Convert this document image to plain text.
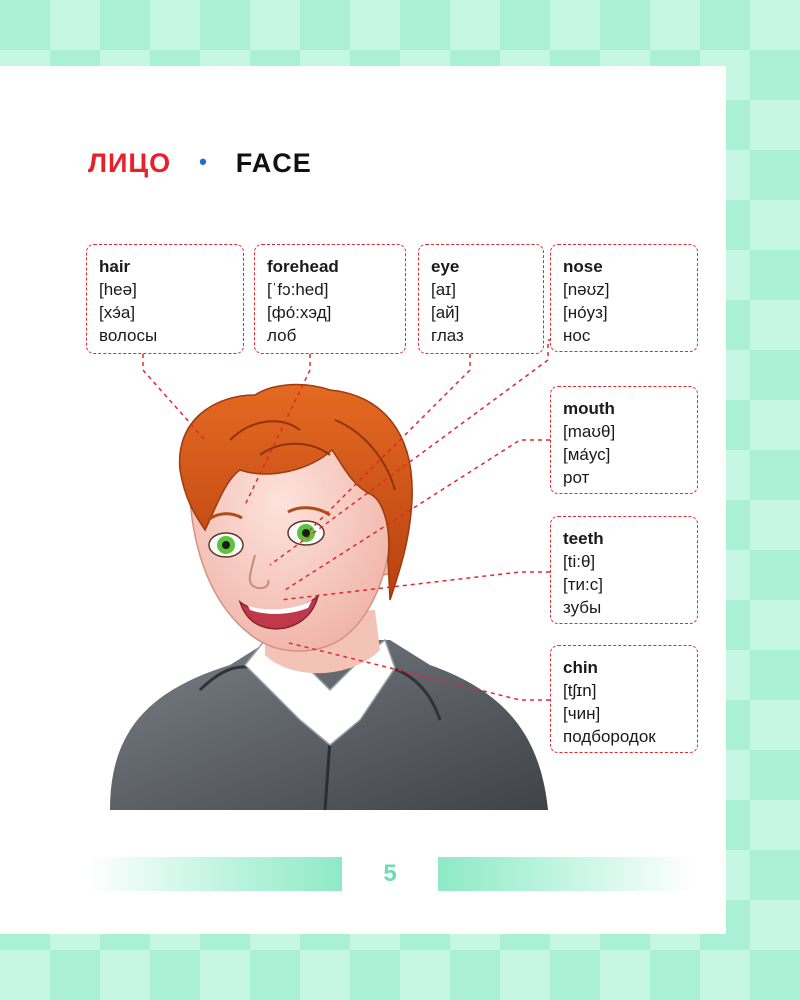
ЛИЦО • FACE
hair
[heə]
[хэ́а]
волосы
forehead
[ˈfɔ:hed]
[фо́:хэд]
лоб
eye
[aɪ]
[ай]
глаз
nose
[nəʊz]
[но́уз]
нос
mouth
[maʊθ]
[ма́ус]
рот
teeth
[ti:θ]
[ти:с]
зубы
chin
[tʃɪn]
[чин]
подбородок
5
